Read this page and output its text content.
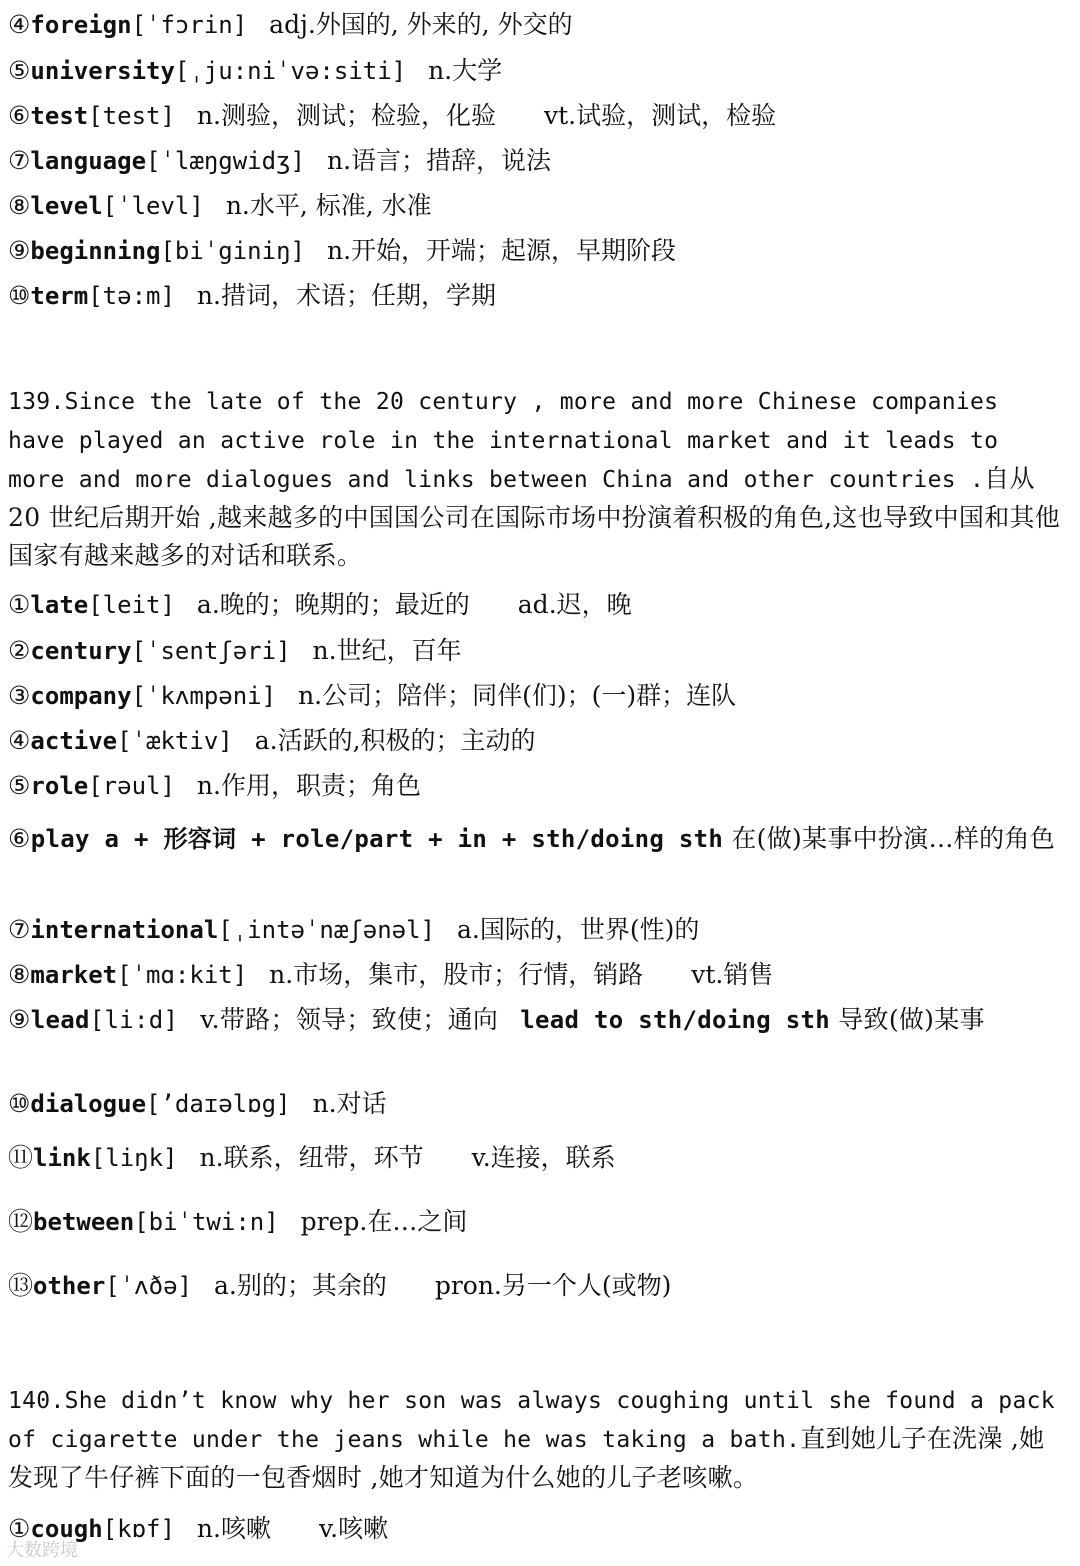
④foreign[ˈfɔrin] adj.外国的, 外来的, 外交的
⑤university[ˌju:niˈvə:siti] n.大学
⑥test[test] n.测验，测试；检验，化验 vt.试验，测试，检验
⑦language[ˈlæŋgwidʒ] n.语言；措辞，说法
⑧level[ˈlevl] n.水平, 标准, 水准
⑨beginning[biˈginiŋ] n.开始，开端；起源，早期阶段
⑩term[tə:m] n.措词，术语；任期，学期
139.Since the late of the 20 century , more and more Chinese companies have played an active role in the international market and it leads to more and more dialogues and links between China and other countries .自从 20 世纪后期开始 ,越来越多的中国国公司在国际市场中扮演着积极的角色,这也导致中国和其他国家有越来越多的对话和联系。
①late[leit] a.晚的；晚期的；最近的 ad.迟，晚
②century[ˈsentʃəri] n.世纪，百年
③company[ˈkʌmpəni] n.公司；陪伴；同伴(们)；(一)群；连队
④active[ˈæktiv] a.活跃的,积极的；主动的
⑤role[rəul] n.作用，职责；角色
⑥play a + 形容词 + role/part + in + sth/doing sth 在(做)某事中扮演…样的角色
⑦international[ˌintəˈnæʃənəl] a.国际的，世界(性)的
⑧market[ˈmɑ:kit] n.市场，集市，股市；行情，销路 vt.销售
⑨lead[li:d] v.带路；领导；致使；通向 lead to sth/doing sth 导致(做)某事
⑩dialogue[’daɪəlɒg] n.对话
⑪link[liŋk] n.联系，纽带，环节 v.连接，联系
⑫between[biˈtwi:n] prep.在…之间
⑬other[ˈʌðə] a.别的；其余的 pron.另一个人(或物)
140.She didn’t know why her son was always coughing until she found a pack of cigarette under the jeans while he was taking a bath.直到她儿子在洗澡 ,她发现了牛仔裤下面的一包香烟时 ,她才知道为什么她的儿子老咳嗽。
①cough[kɒf] n.咳嗽 v.咳嗽
大数跨境
